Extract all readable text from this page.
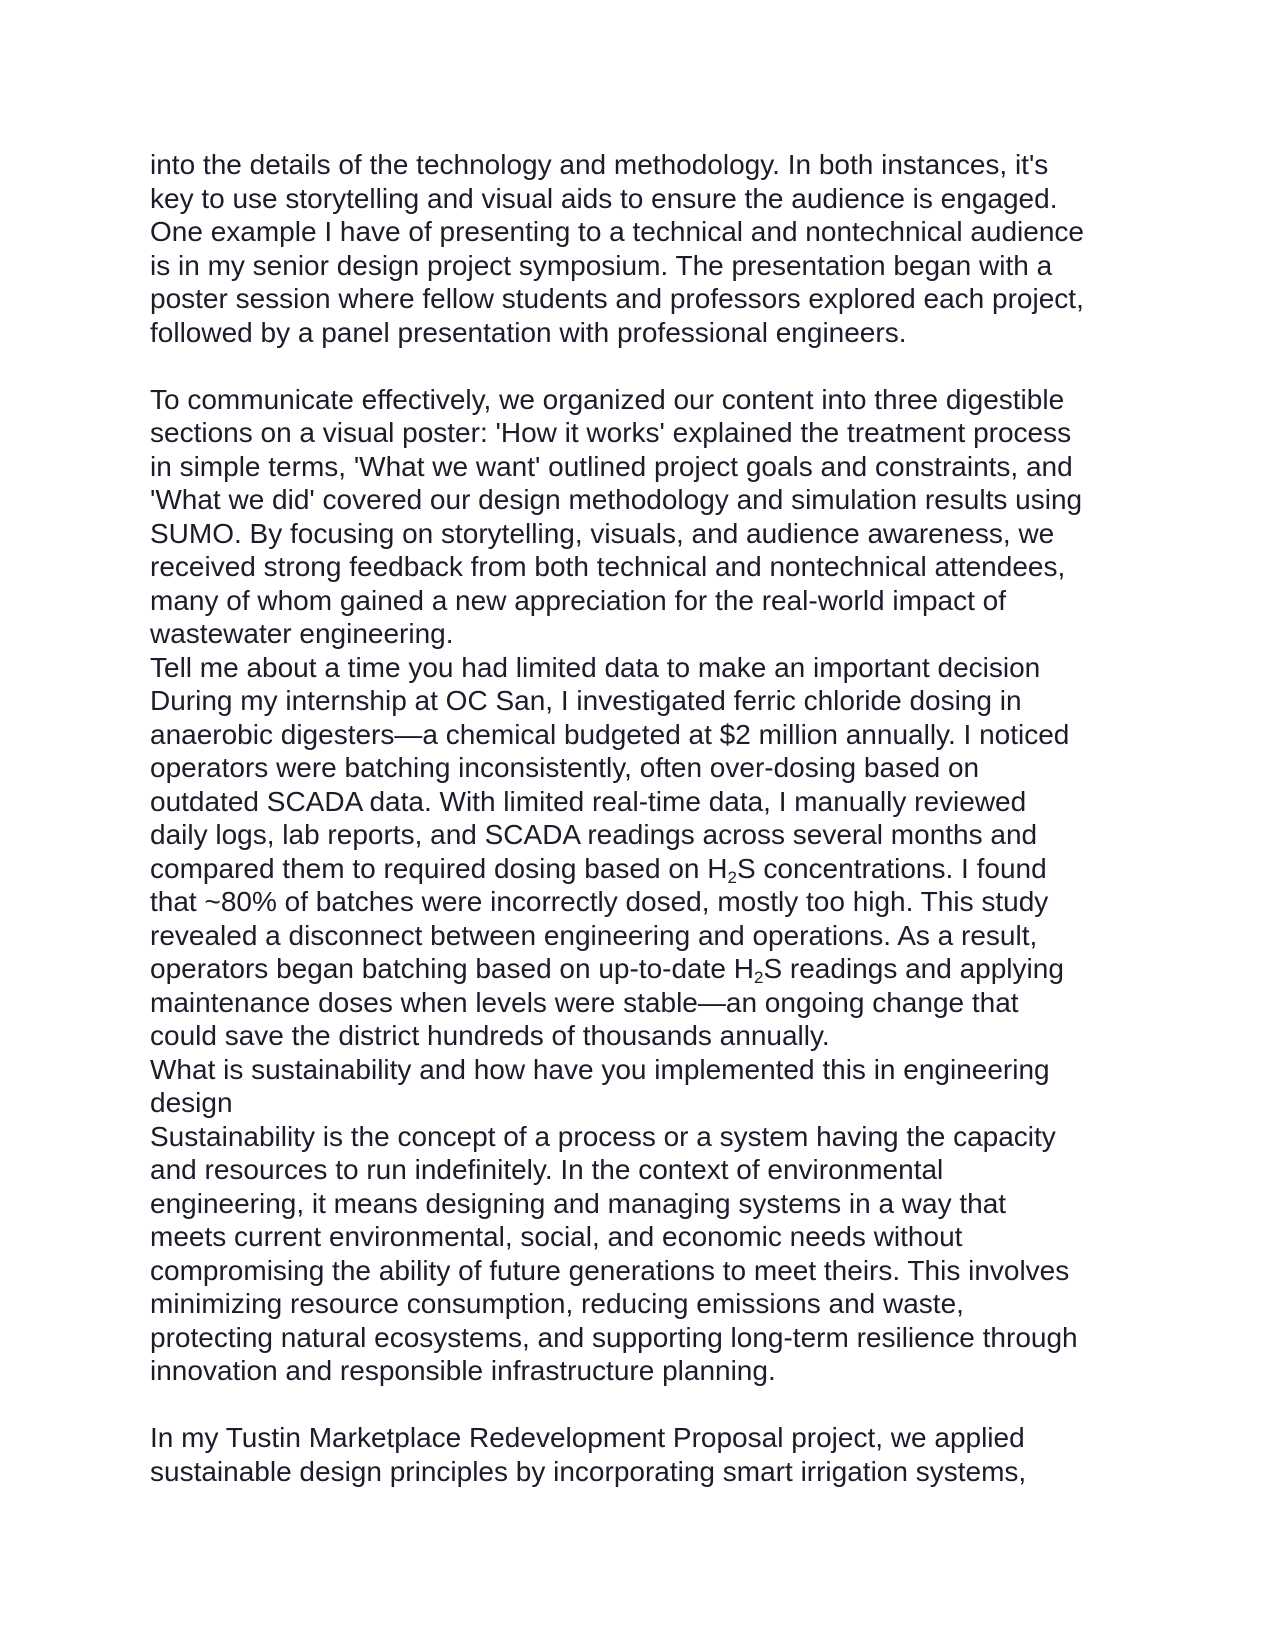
into the details of the technology and methodology. In both instances, it's
key to use storytelling and visual aids to ensure the audience is engaged.
One example I have of presenting to a technical and nontechnical audience
is in my senior design project symposium. The presentation began with a
poster session where fellow students and professors explored each project,
followed by a panel presentation with professional engineers.
To communicate effectively, we organized our content into three digestible
sections on a visual poster: 'How it works' explained the treatment process
in simple terms, 'What we want' outlined project goals and constraints, and
'What we did' covered our design methodology and simulation results using
SUMO. By focusing on storytelling, visuals, and audience awareness, we
received strong feedback from both technical and nontechnical attendees,
many of whom gained a new appreciation for the real-world impact of
wastewater engineering.
Tell me about a time you had limited data to make an important decision
During my internship at OC San, I investigated ferric chloride dosing in
anaerobic digesters—a chemical budgeted at $2 million annually. I noticed
operators were batching inconsistently, often over-dosing based on
outdated SCADA data. With limited real-time data, I manually reviewed
daily logs, lab reports, and SCADA readings across several months and
compared them to required dosing based on $H_2S$ concentrations. I found
that ~80% of batches were incorrectly dosed, mostly too high. This study
revealed a disconnect between engineering and operations. As a result,
operators began batching based on up-to-date $H_2S$ readings and applying
maintenance doses when levels were stable—an ongoing change that
could save the district hundreds of thousands annually.
What is sustainability and how have you implemented this in engineering
design
Sustainability is the concept of a process or a system having the capacity
and resources to run indefinitely. In the context of environmental
engineering, it means designing and managing systems in a way that
meets current environmental, social, and economic needs without
compromising the ability of future generations to meet theirs. This involves
minimizing resource consumption, reducing emissions and waste,
protecting natural ecosystems, and supporting long-term resilience through
innovation and responsible infrastructure planning.
In my Tustin Marketplace Redevelopment Proposal project, we applied
sustainable design principles by incorporating smart irrigation systems,
